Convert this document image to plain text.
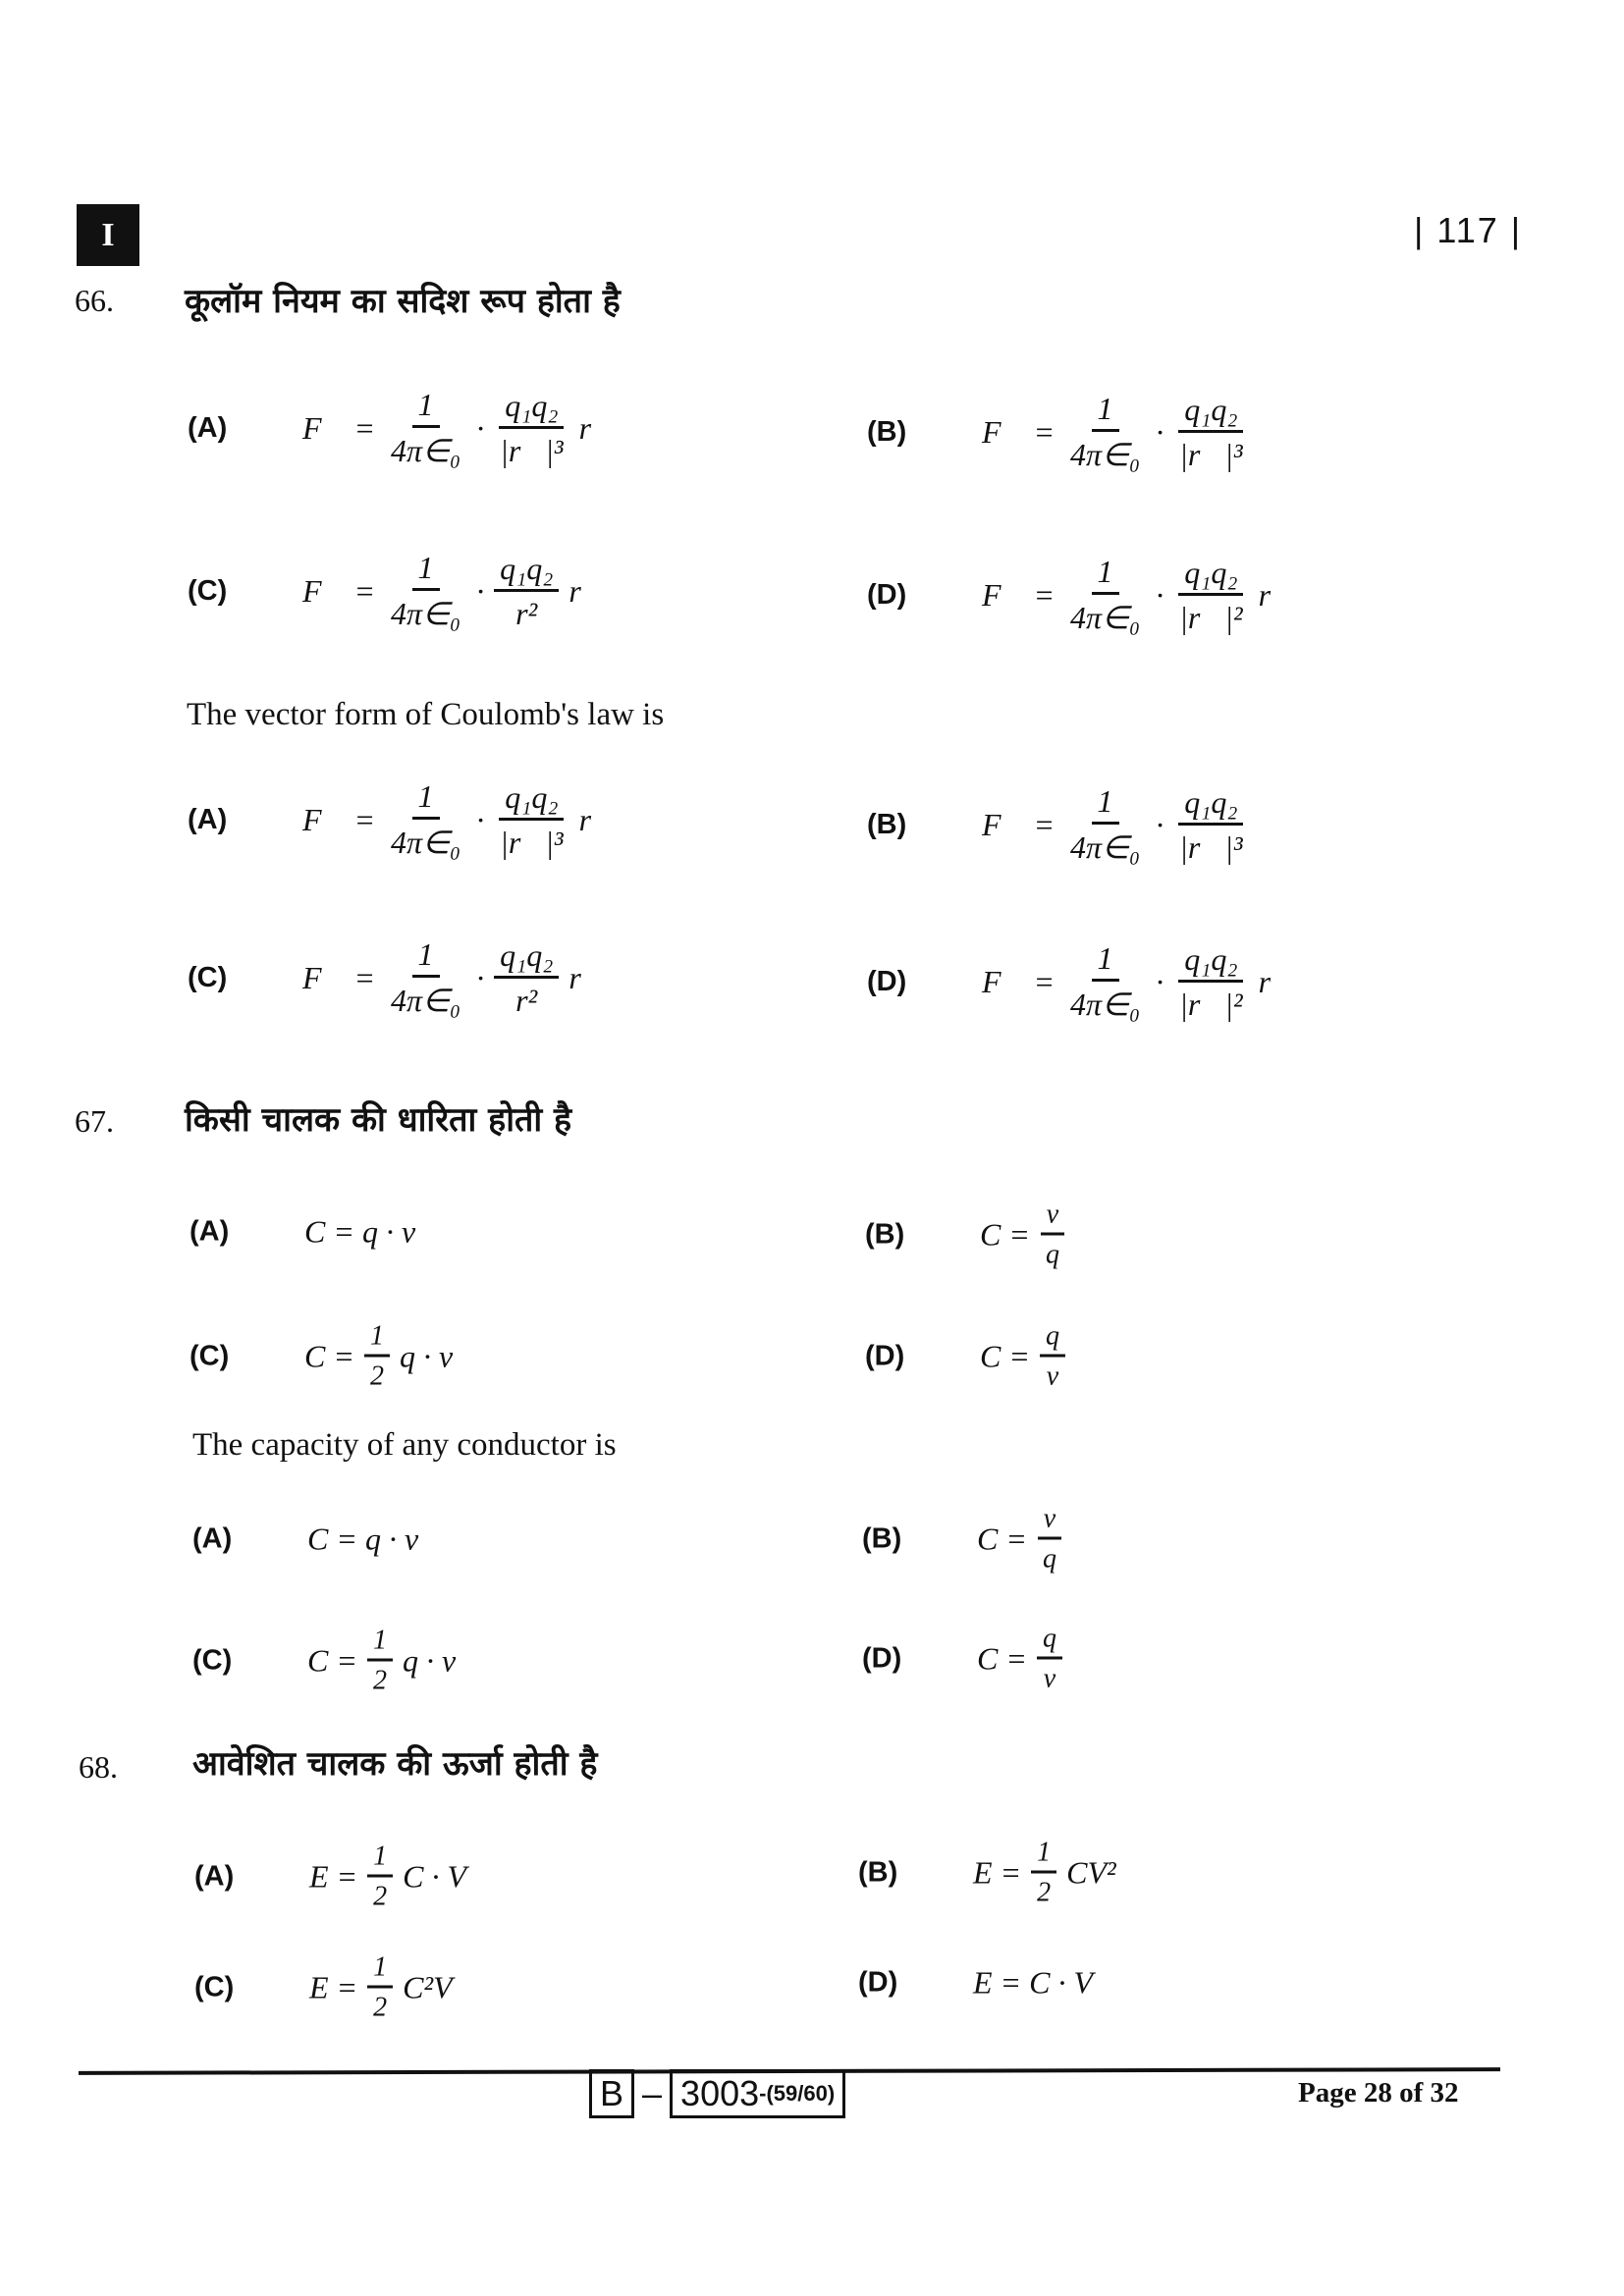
I	| 117 |
66. कूलॉम नियम का सदिश रूप होता है
(A)	F⃗ = $\frac{1}{\text{4π∈₀}} \cdot \frac{\text{q₁q₂}}{\text{|r⃗|³}}$ r⃗	(B)	F⃗ = $\frac{1}{\text{4π∈₀}} \cdot \frac{\text{q₁q₂}}{\text{|r⃗|³}}$
(C)	F⃗ = $\frac{1}{\text{4π∈₀}} \cdot \frac{\text{q₁q₂}}{\text{r²}}$ r⃗	(D)	F⃗ = $\frac{1}{\text{4π∈₀}} \cdot \frac{\text{q₁q₂}}{\text{|r⃗|²}}$ r⃗
The vector form of Coulomb's law is
(A)	F⃗ = $\frac{1}{\text{4π∈₀}} \cdot \frac{\text{q₁q₂}}{\text{|r⃗|³}}$ r⃗	(B)	F⃗ = $\frac{1}{\text{4π∈₀}} \cdot \frac{\text{q₁q₂}}{\text{|r⃗|³}}$
(C)	F⃗ = $\frac{1}{\text{4π∈₀}} \cdot \frac{\text{q₁q₂}}{\text{r²}}$ r⃗	(D)	F⃗ = $\frac{1}{\text{4π∈₀}} \cdot \frac{\text{q₁q₂}}{\text{|r⃗|²}}$ r⃗
67. किसी चालक की धारिता होती है
(A)	C = q · v	(B)	$C = \frac{v}{q}$
(C)	$C = \frac{1}{2}$ q · v	(D)	$C = \frac{q}{v}$
The capacity of any conductor is
(A)	C = q · v	(B)	$C = \frac{v}{q}$
(C)	$C = \frac{1}{2}$ q · v	(D)	$C = \frac{q}{v}$
68. आवेशित चालक की ऊर्जा होती है
(A)	$E = \frac{1}{2}$ C · V	(B)	$E = \frac{1}{2} CV^2$
(C)	$E = \frac{1}{2} C^2V$	(D)	E = C · V
B – 3003 -(59/60)	Page 28 of 32
